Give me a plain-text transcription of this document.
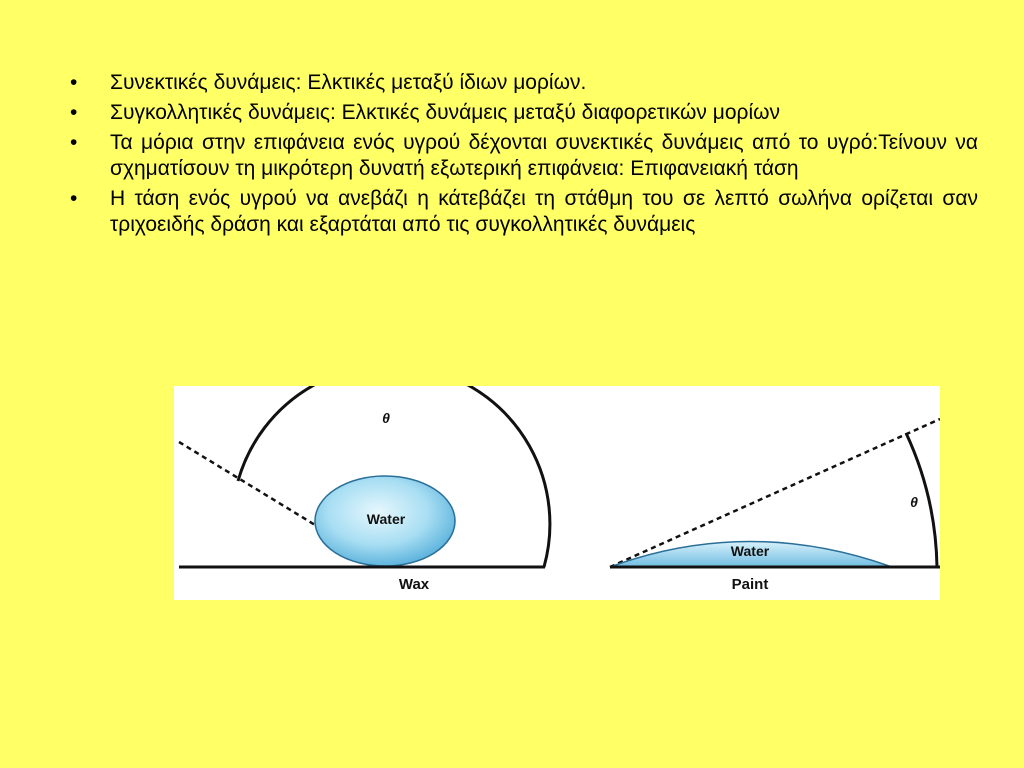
• Συνεκτικές δυνάμεις: Ελκτικές μεταξύ ίδιων μορίων.
• Συγκολλητικές δυνάμεις: Ελκτικές δυνάμεις μεταξύ διαφορετικών μορίων
• Τα μόρια στην επιφάνεια ενός υγρού δέχονται συνεκτικές δυνάμεις από το υγρό:Τείνουν να σχηματίσουν τη μικρότερη δυνατή εξωτερική επιφάνεια: Επιφανειακή τάση
• Η τάση ενός υγρού να ανεβάζι η κάτεβάζει τη στάθμη του σε λεπτό σωλήνα ορίζεται σαν τριχοειδής δράση και εξαρτάται από τις συγκολλητικές δυνάμεις
θ
Water
Wax
θ
Water
Paint
